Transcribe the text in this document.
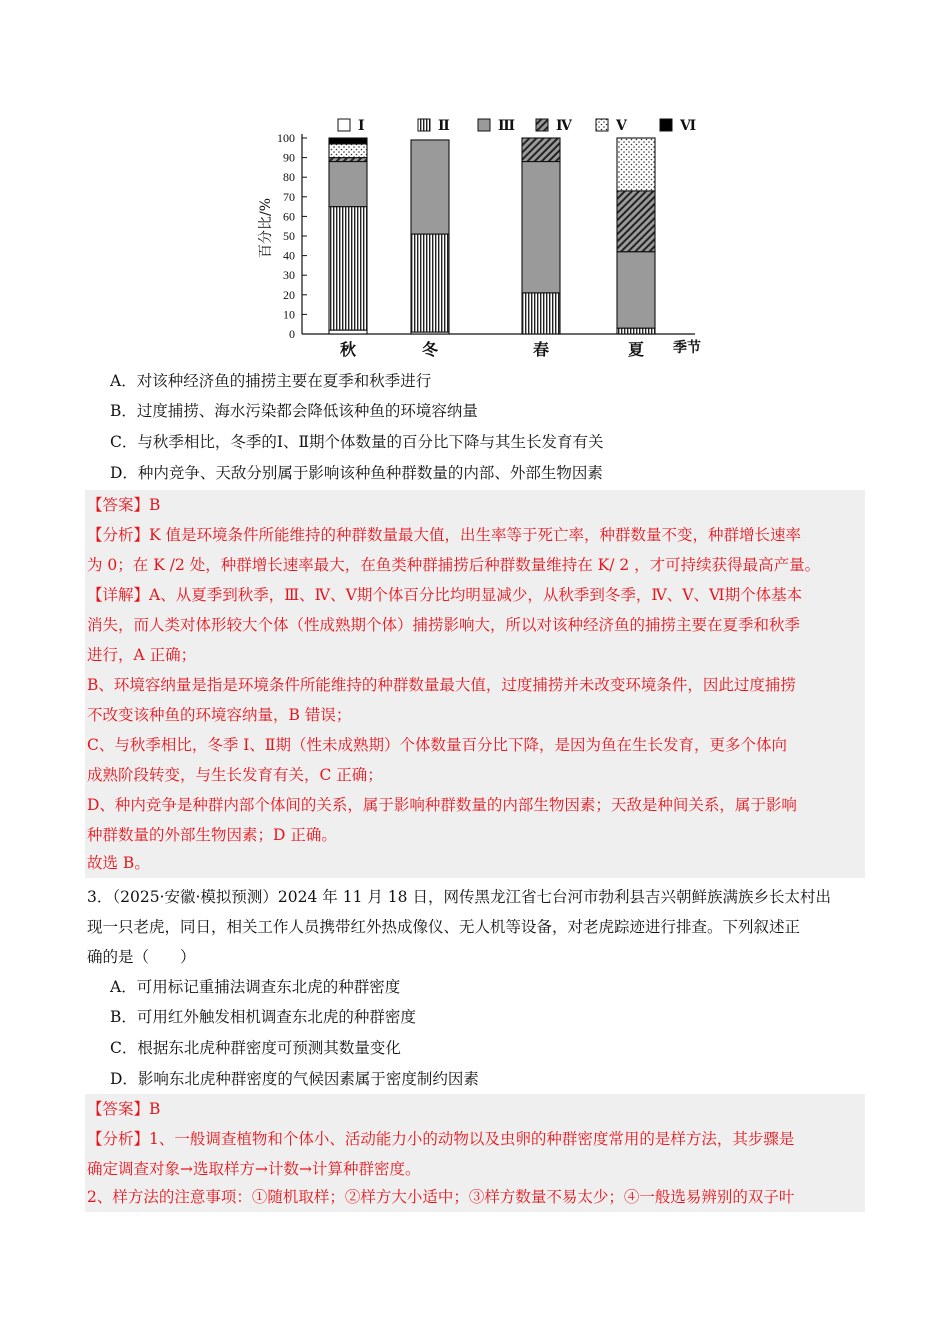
Ⅰ	Ⅱ	Ⅲ	Ⅳ	Ⅴ	Ⅵ
0
10
20
30
40
50
60
70
80
90
100
百分比/%
秋	冬	春	夏 季节
A．对该种经济鱼的捕捞主要在夏季和秋季进行
B．过度捕捞、海水污染都会降低该种鱼的环境容纳量
C．与秋季相比，冬季的Ⅰ、Ⅱ期个体数量的百分比下降与其生长发育有关
D．种内竞争、天敌分别属于影响该种鱼种群数量的内部、外部生物因素
【答案】B
【分析】K 值是环境条件所能维持的种群数量最大值，出生率等于死亡率，种群数量不变，种群增长速率
为 0；在 K /2 处，种群增长速率最大，在鱼类种群捕捞后种群数量维持在 K/ 2 ，才可持续获得最高产量。
【详解】A、从夏季到秋季，Ⅲ、Ⅳ、Ⅴ期个体百分比均明显减少，从秋季到冬季，Ⅳ、Ⅴ、Ⅵ期个体基本
消失，而人类对体形较大个体（性成熟期个体）捕捞影响大，所以对该种经济鱼的捕捞主要在夏季和秋季
进行，A 正确；
B、环境容纳量是指是环境条件所能维持的种群数量最大值，过度捕捞并未改变环境条件，因此过度捕捞
不改变该种鱼的环境容纳量，B 错误；
C、与秋季相比，冬季 Ⅰ、Ⅱ期（性未成熟期）个体数量百分比下降，是因为鱼在生长发育，更多个体向
成熟阶段转变，与生长发育有关，C 正确；
D、种内竞争是种群内部个体间的关系，属于影响种群数量的内部生物因素；天敌是种间关系，属于影响
种群数量的外部生物因素；D 正确。
故选 B。
3．（2025·安徽·模拟预测）2024 年 11 月 18 日，网传黑龙江省七台河市勃利县吉兴朝鲜族满族乡长太村出
现一只老虎，同日，相关工作人员携带红外热成像仪、无人机等设备，对老虎踪迹进行排查。下列叙述正
确的是（　　）
A．可用标记重捕法调查东北虎的种群密度
B．可用红外触发相机调查东北虎的种群密度
C．根据东北虎种群密度可预测其数量变化
D．影响东北虎种群密度的气候因素属于密度制约因素
【答案】B
【分析】1、一般调查植物和个体小、活动能力小的动物以及虫卵的种群密度常用的是样方法，其步骤是
确定调查对象→选取样方→计数→计算种群密度。
2、样方法的注意事项：①随机取样；②样方大小适中；③样方数量不易太少；④一般选易辨别的双子叶
